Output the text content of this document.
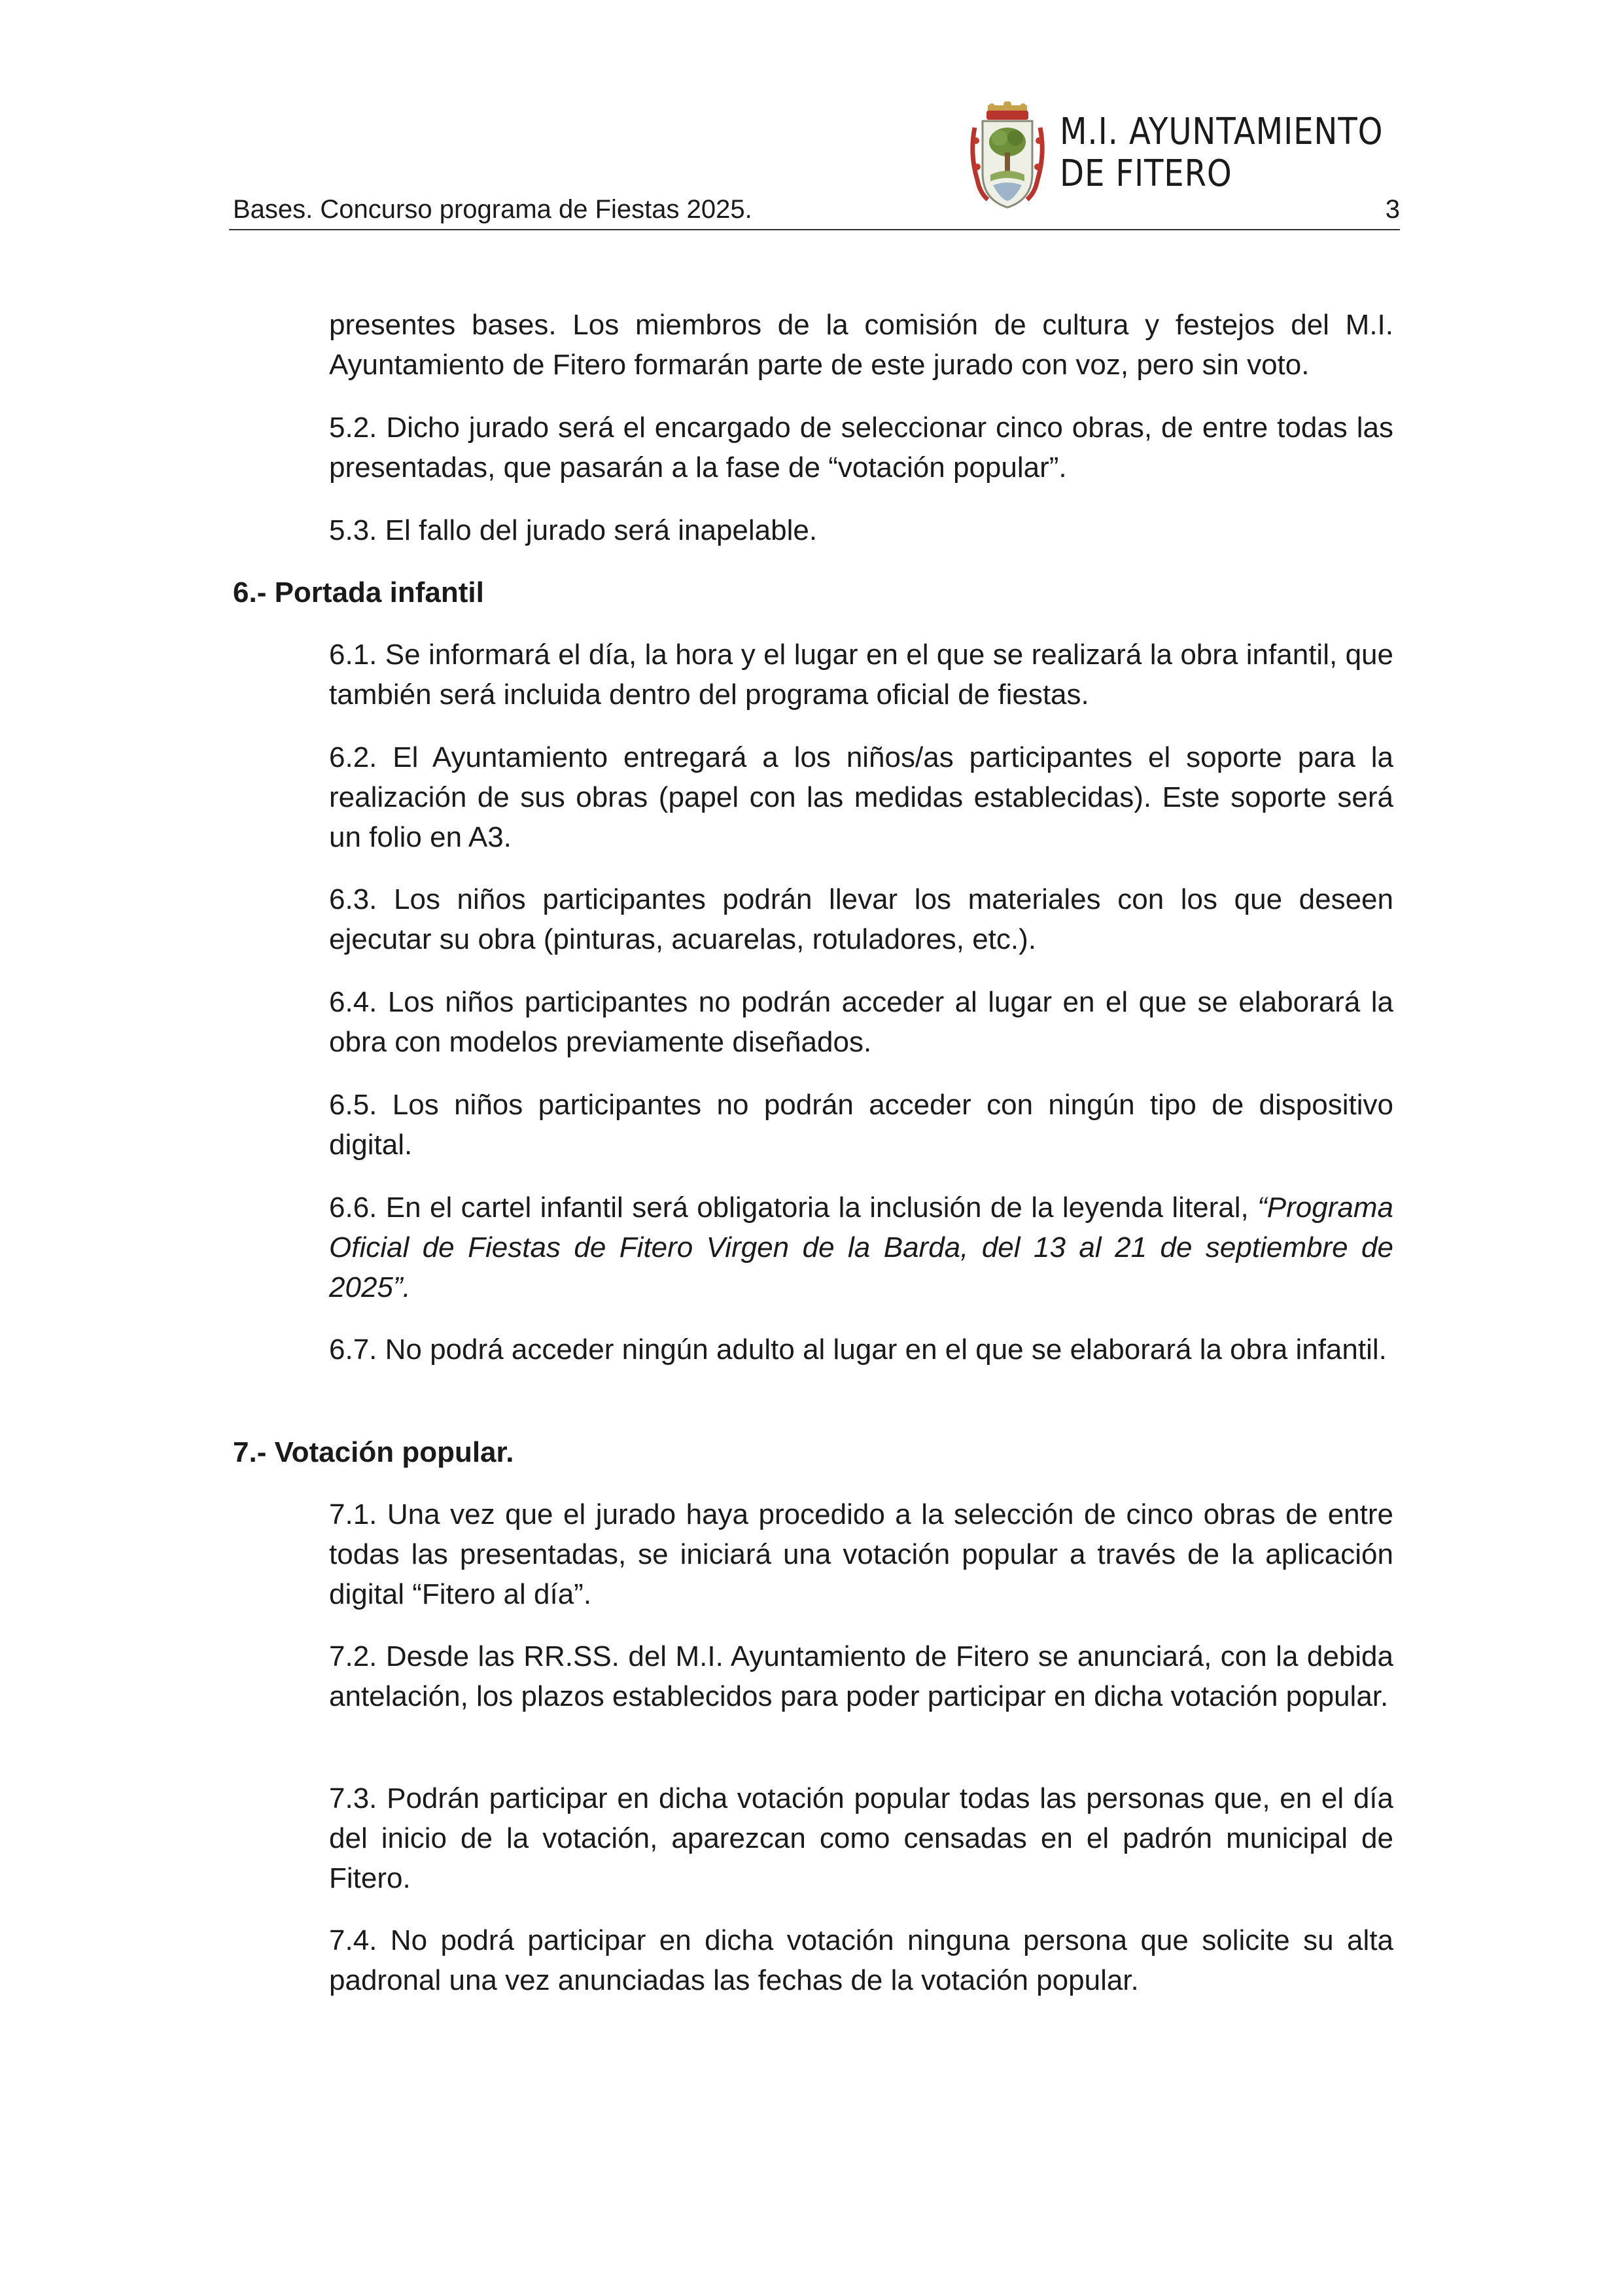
Bases. Concurso programa de Fiestas 2025.
M.I. AYUNTAMIENTO
DE FITERO
3

presentes bases. Los miembros de la comisión de cultura y festejos del M.I. Ayuntamiento de Fitero formarán parte de este jurado con voz, pero sin voto.

5.2. Dicho jurado será el encargado de seleccionar cinco obras, de entre todas las presentadas, que pasarán a la fase de “votación popular”.

5.3. El fallo del jurado será inapelable.

6.- Portada infantil

6.1. Se informará el día, la hora y el lugar en el que se realizará la obra infantil, que también será incluida dentro del programa oficial de fiestas.

6.2. El Ayuntamiento entregará a los niños/as participantes el soporte para la realización de sus obras (papel con las medidas establecidas). Este soporte será un folio en A3.

6.3. Los niños participantes podrán llevar los materiales con los que deseen ejecutar su obra (pinturas, acuarelas, rotuladores, etc.).

6.4. Los niños participantes no podrán acceder al lugar en el que se elaborará la obra con modelos previamente diseñados.

6.5. Los niños participantes no podrán acceder con ningún tipo de dispositivo digital.

6.6. En el cartel infantil será obligatoria la inclusión de la leyenda literal, “Programa Oficial de Fiestas de Fitero Virgen de la Barda, del 13 al 21 de septiembre de 2025”.

6.7. No podrá acceder ningún adulto al lugar en el que se elaborará la obra infantil.

7.- Votación popular.

7.1. Una vez que el jurado haya procedido a la selección de cinco obras de entre todas las presentadas, se iniciará una votación popular a través de la aplicación digital “Fitero al día”.

7.2. Desde las RR.SS. del M.I. Ayuntamiento de Fitero se anunciará, con la debida antelación, los plazos establecidos para poder participar en dicha votación popular.

7.3. Podrán participar en dicha votación popular todas las personas que, en el día del inicio de la votación, aparezcan como censadas en el padrón municipal de Fitero.

7.4. No podrá participar en dicha votación ninguna persona que solicite su alta padronal una vez anunciadas las fechas de la votación popular.
